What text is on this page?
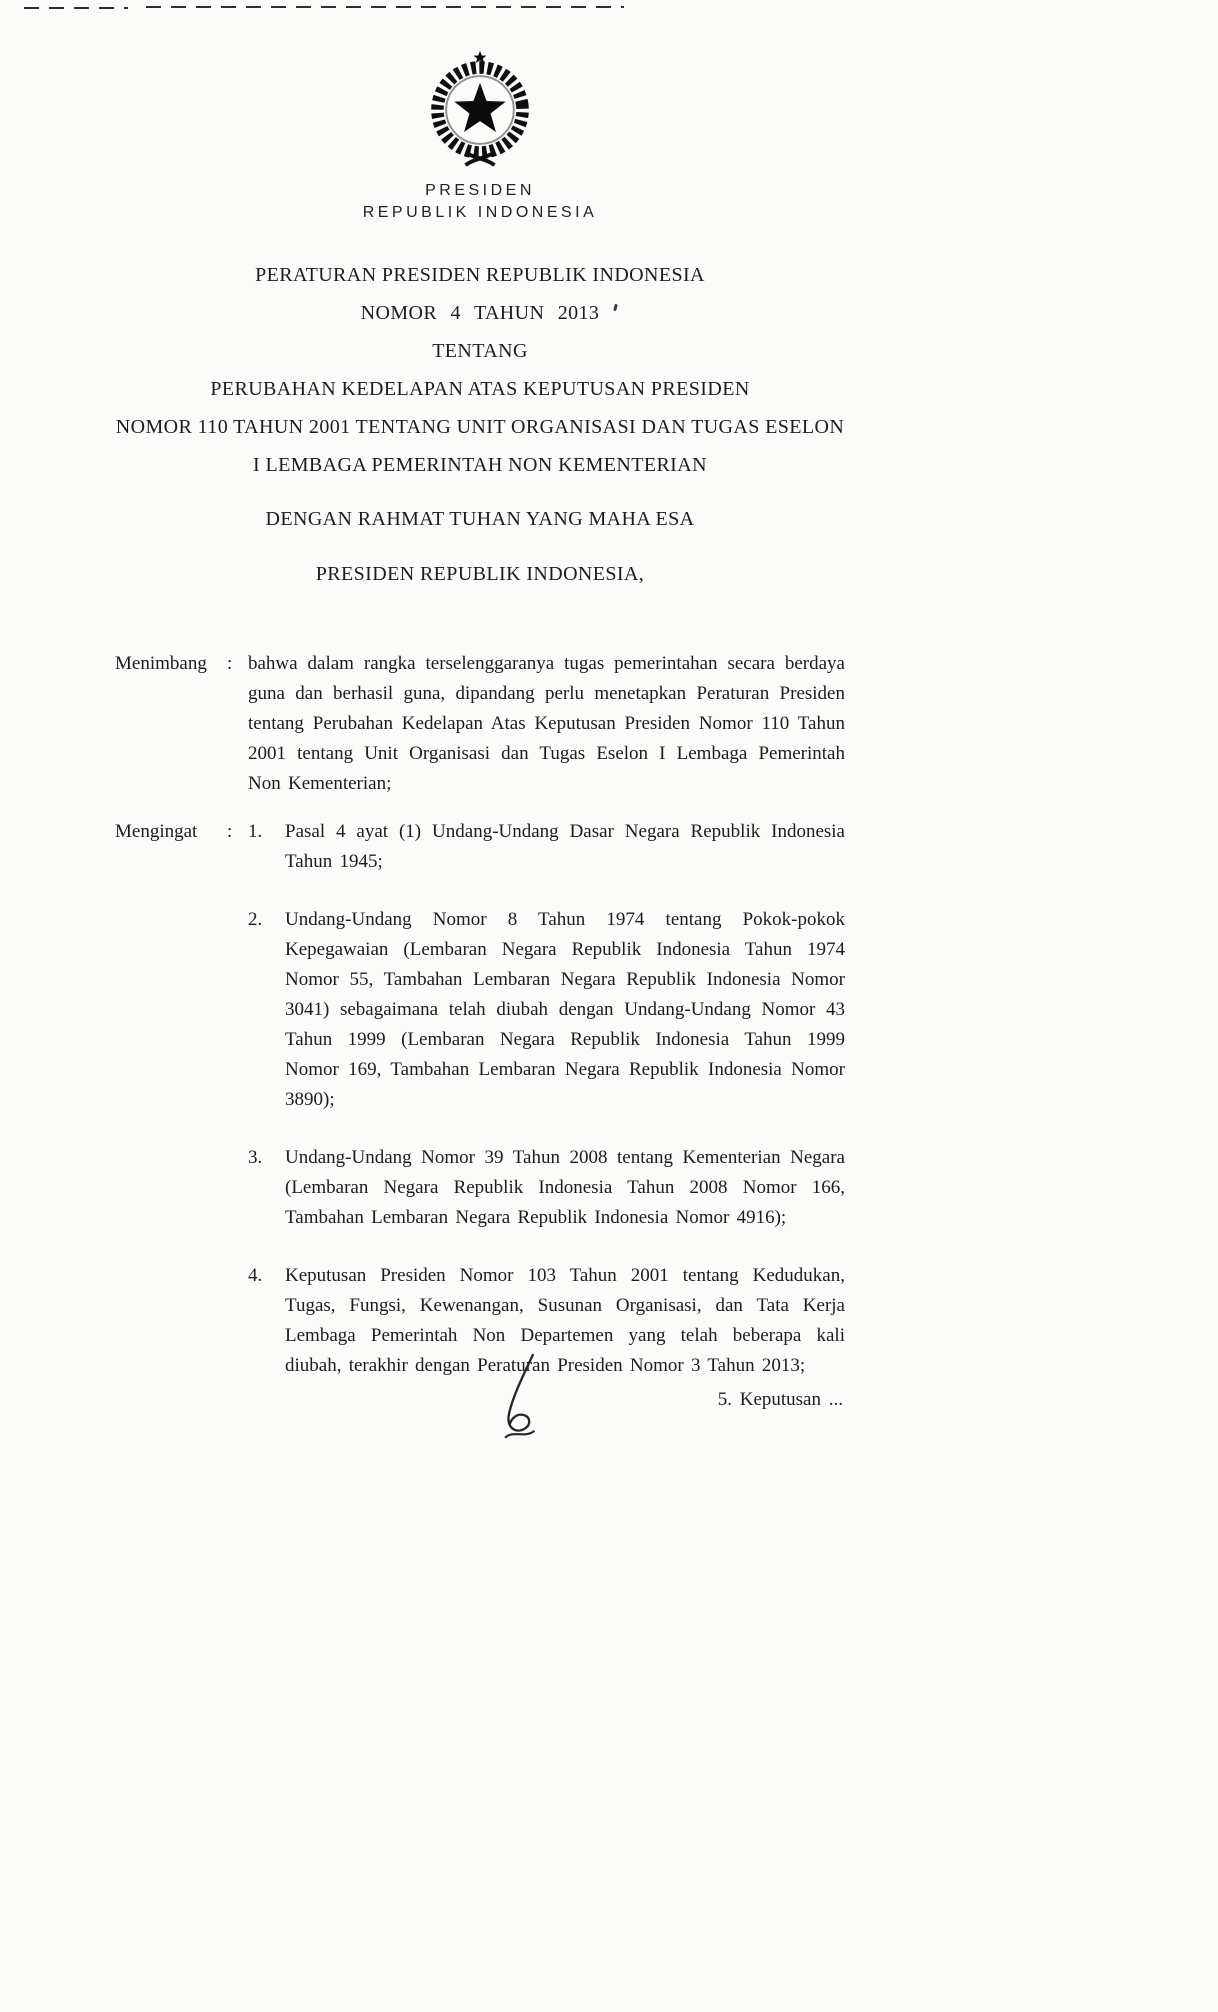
PRESIDEN
REPUBLIK INDONESIA
PERATURAN PRESIDEN REPUBLIK INDONESIA
NOMOR 4 TAHUN 2013
TENTANG
PERUBAHAN KEDELAPAN ATAS KEPUTUSAN PRESIDEN
NOMOR 110 TAHUN 2001 TENTANG UNIT ORGANISASI DAN TUGAS ESELON
I LEMBAGA PEMERINTAH NON KEMENTERIAN
DENGAN RAHMAT TUHAN YANG MAHA ESA
PRESIDEN REPUBLIK INDONESIA,
Menimbang	: bahwa dalam rangka terselenggaranya tugas pemerintahan secara berdaya guna dan berhasil guna, dipandang perlu menetapkan Peraturan Presiden tentang Perubahan Kedelapan Atas Keputusan Presiden Nomor 110 Tahun 2001 tentang Unit Organisasi dan Tugas Eselon I Lembaga Pemerintah Non Kementerian;

Mengingat	: 1.	Pasal 4 ayat (1) Undang-Undang Dasar Negara Republik Indonesia Tahun 1945;

2.	Undang-Undang Nomor 8 Tahun 1974 tentang Pokok-pokok Kepegawaian (Lembaran Negara Republik Indonesia Tahun 1974 Nomor 55, Tambahan Lembaran Negara Republik Indonesia Nomor 3041) sebagaimana telah diubah dengan Undang-Undang Nomor 43 Tahun 1999 (Lembaran Negara Republik Indonesia Tahun 1999 Nomor 169, Tambahan Lembaran Negara Republik Indonesia Nomor 3890);

3.	Undang-Undang Nomor 39 Tahun 2008 tentang Kementerian Negara (Lembaran Negara Republik Indonesia Tahun 2008 Nomor 166, Tambahan Lembaran Negara Republik Indonesia Nomor 4916);

4.	Keputusan Presiden Nomor 103 Tahun 2001 tentang Kedudukan, Tugas, Fungsi, Kewenangan, Susunan Organisasi, dan Tata Kerja Lembaga Pemerintah Non Departemen yang telah beberapa kali diubah, terakhir dengan Peraturan Presiden Nomor 3 Tahun 2013;

5. Keputusan ...
